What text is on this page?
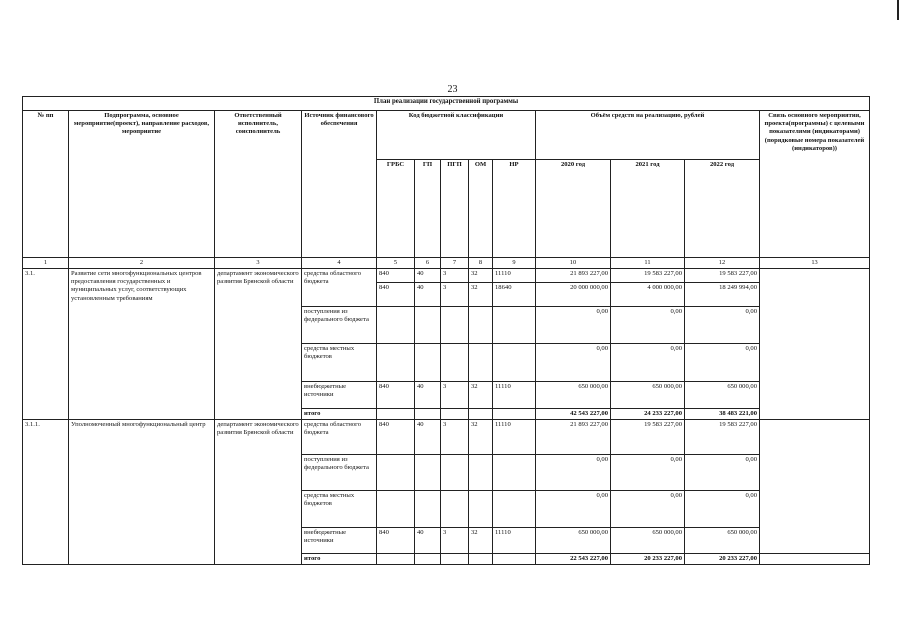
23
План реализации государственной программы													
№ пп	Подпрограмма, основное мероприятие(проект), направление расходов, мероприятие	Ответственный исполнитель, соисполнитель	Источник финансового обеспечения	Код бюджетной классификации					Объём средств на реализацию, рублей			Связь основного мероприятия, проекта(программы) с целевыми показателями (индикаторами) (порядковые номера показателей (индикаторов))	
				ГРБС	ГП	ПГП	ОМ	НР	2020 год	2021 год	2022 год		
1	2	3	4	5	6	7	8	9	10	11	12	13	
3.1.	Развитие сети многофункциональных центров предоставления государственных и муниципальных услуг, соответствующих установленным требованиям	департамент экономического развития Брянской области	средства областного бюджета	840	40	3	32	11110	21 893 227,00	19 583 227,00	19 583 227,00		
				840	40	3	32	18640	20 000 000,00	4 000 000,00	18 249 994,00		
			поступления из федерального бюджета						0,00	0,00	0,00		
			средства местных бюджетов						0,00	0,00	0,00		
			внебюджетные источники	840	40	3	32	11110	650 000,00	650 000,00	650 000,00		
			итого						42 543 227,00	24 233 227,00	38 483 221,00	

3.1.1.	Уполномоченный многофункциональный центр	департамент экономического развития Брянской области	средства областного бюджета	840	40	3	32	11110	21 893 227,00	19 583 227,00	19 583 227,00		
			поступления из федерального бюджета						0,00	0,00	0,00		
			средства местных бюджетов						0,00	0,00	0,00		
			внебюджетные источники	840	40	3	32	11110	650 000,00	650 000,00	650 000,00		
			итого						22 543 227,00	20 233 227,00	20 233 227,00		
